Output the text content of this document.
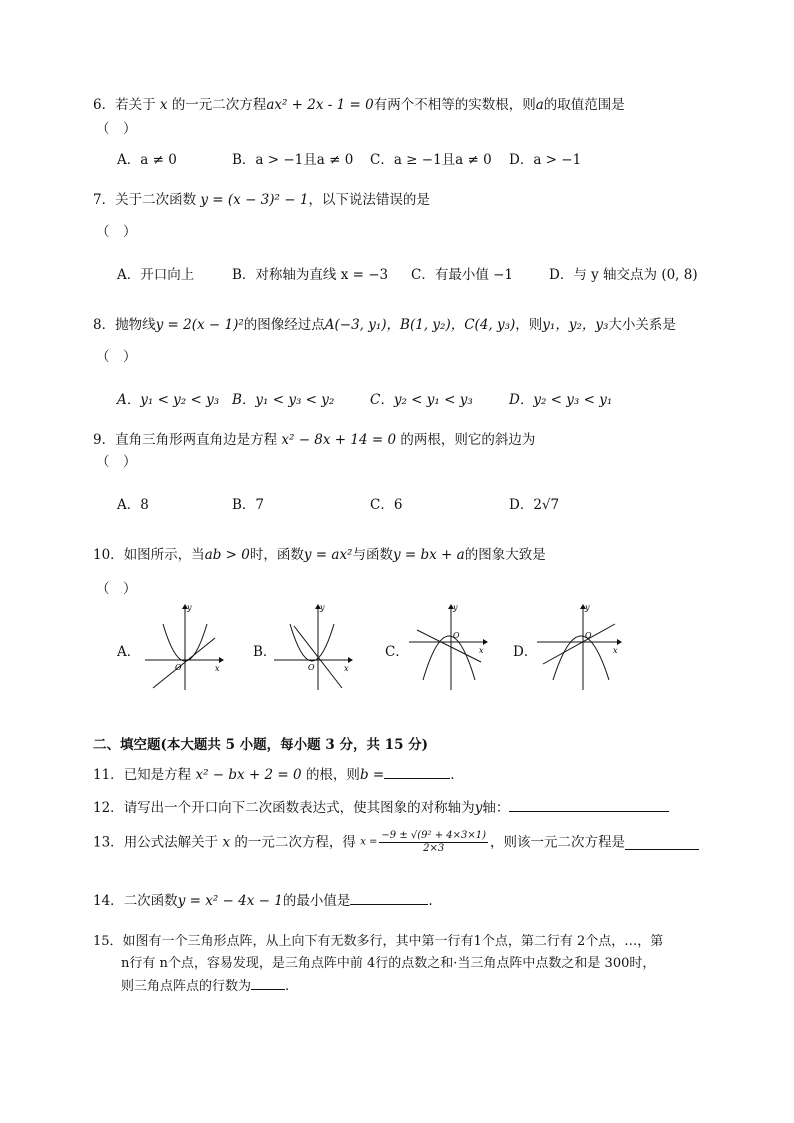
6．若关于 x 的一元二次方程ax² + 2x - 1 = 0有两个不相等的实数根，则a的取值范围是
（　）
A．a ≠ 0	B．a > −1且a ≠ 0 C．a ≥ −1且a ≠ 0 D．a > −1
7．关于二次函数 y = (x − 3)² − 1，以下说法错误的是
（　）
A．开口向上	B．对称轴为直线 x = −3 C．有最小值 −1	D．与 y 轴交点为 (0, 8)
8．抛物线y = 2(x − 1)²的图像经过点A(−3, y₁)，B(1, y₂)，C(4, y₃)，则y₁，y₂，y₃大小关系是
（　）
A．y₁ < y₂ < y₃ B．y₁ < y₃ < y₂	C．y₂ < y₁ < y₃	D．y₂ < y₃ < y₁
9．直角三角形两直角边是方程 x² − 8x + 14 = 0 的两根，则它的斜边为
（　）
A．8	B．7	C．6	D．2√7
10．如图所示，当ab > 0时，函数y = ax²与函数y = bx + a的图象大致是
（　）
A．
y
x
O
B．
y
x
O
C．
y
x
O
D．
y
x
O
二、填空题(本大题共 5 小题，每小题 3 分，共 15 分)
11．已知是方程 x² − bx + 2 = 0 的根，则b =	.
12．请写出一个开口向下二次函数表达式，使其图象的对称轴为y轴：
13．用公式法解关于 x 的一元二次方程，得 $x = \frac{\text{−9 ± √(9² + 4×3×1)}}{2\times 3}$ ，则该一元二次方程是
14．二次函数y = x² − 4x − 1的最小值是	.
15．如图有一个三角形点阵，从上向下有无数多行，其中第一行有1个点，第二行有 2个点，…，第
n行有 n个点，容易发现，是三角点阵中前 4行的点数之和·当三角点阵中点数之和是 300时，
则三角点阵点的行数为	.
